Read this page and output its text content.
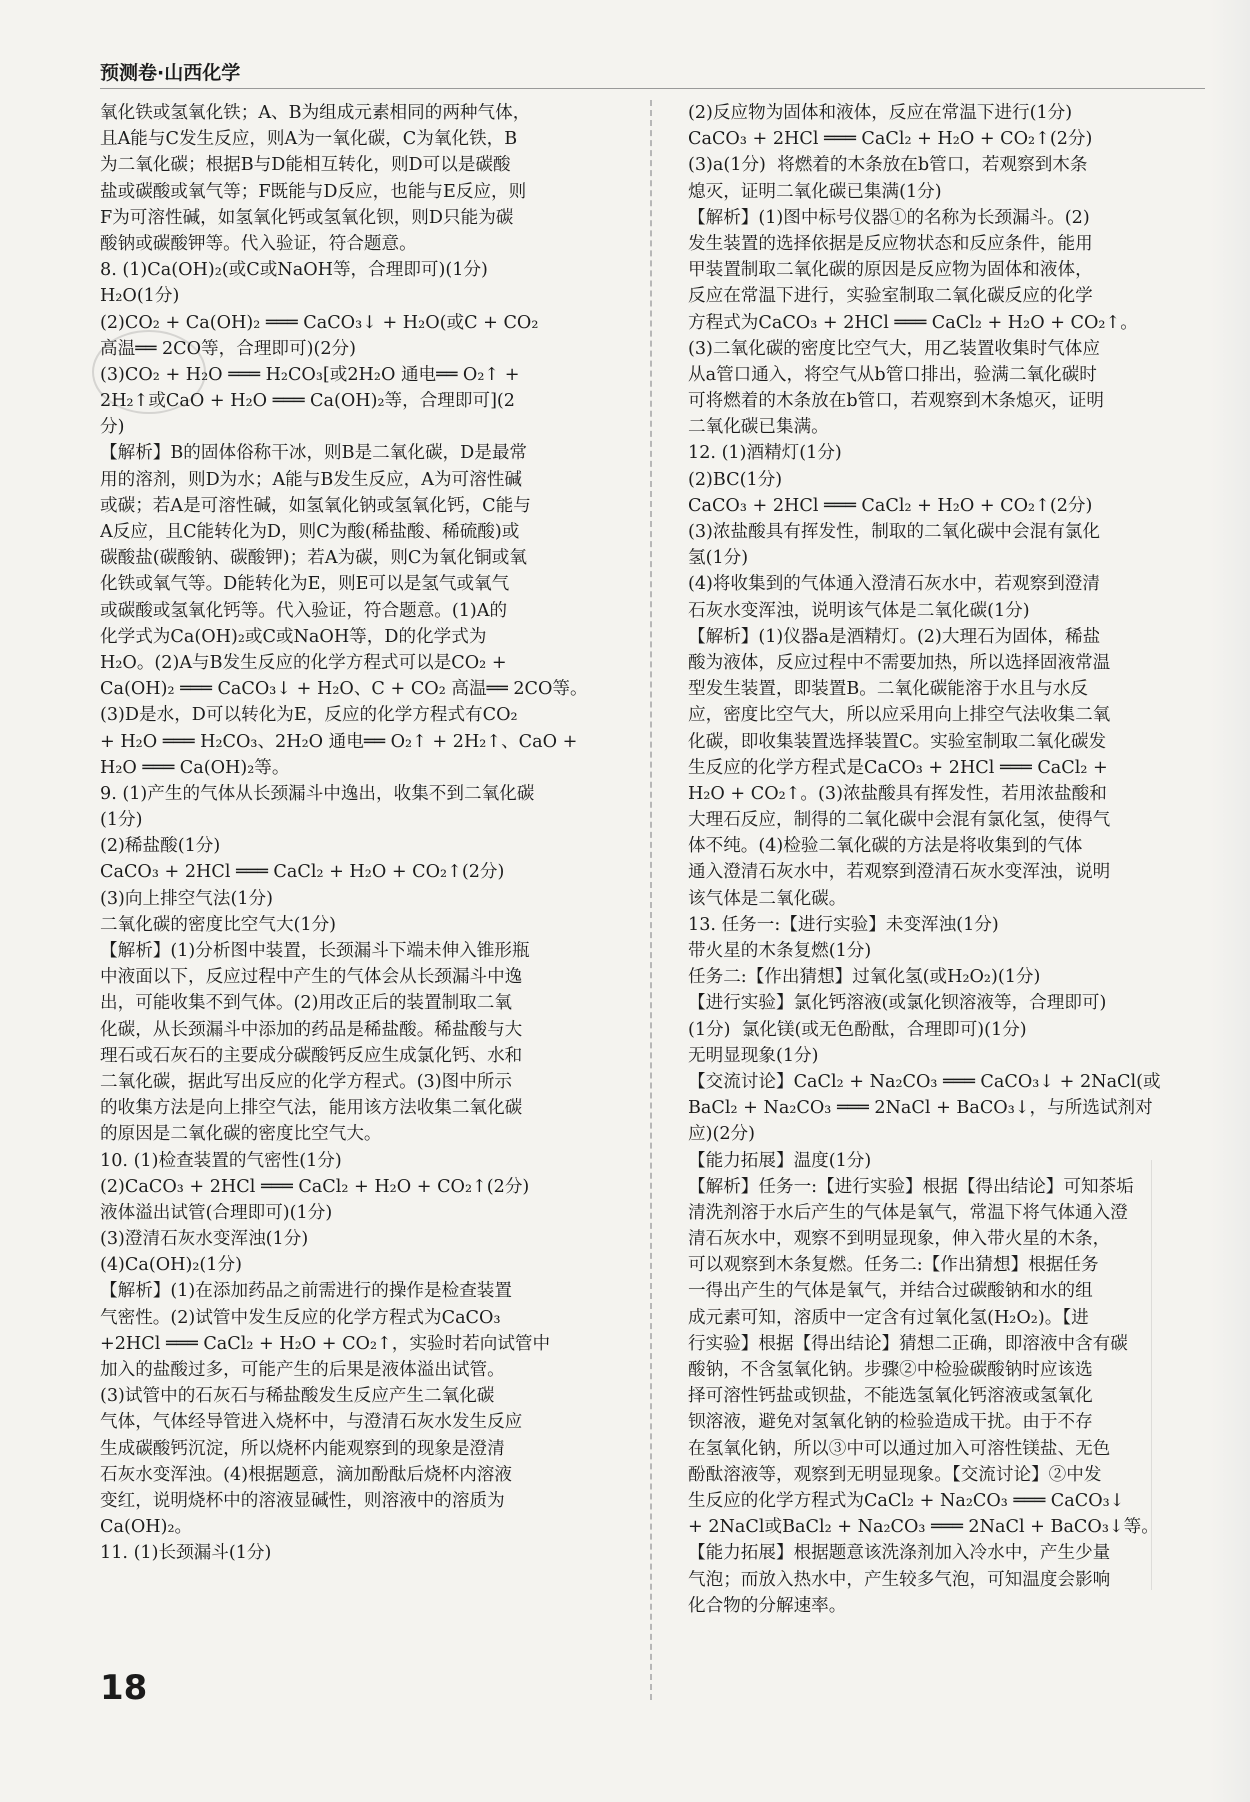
预测卷·山西化学
氧化铁或氢氧化铁；A、B为组成元素相同的两种气体，
且A能与C发生反应，则A为一氧化碳，C为氧化铁，B
为二氧化碳；根据B与D能相互转化，则D可以是碳酸
盐或碳酸或氧气等；F既能与D反应，也能与E反应，则
F为可溶性碱，如氢氧化钙或氢氧化钡，则D只能为碳
酸钠或碳酸钾等。代入验证，符合题意。
8. (1)Ca(OH)₂(或C或NaOH等，合理即可)(1分)
H₂O(1分)
(2)CO₂ + Ca(OH)₂ ═══ CaCO₃↓ + H₂O(或C + CO₂
高温══ 2CO等，合理即可)(2分)
(3)CO₂ + H₂O ═══ H₂CO₃[或2H₂O 通电══ O₂↑ +
2H₂↑或CaO + H₂O ═══ Ca(OH)₂等，合理即可](2
分)
【解析】B的固体俗称干冰，则B是二氧化碳，D是最常
用的溶剂，则D为水；A能与B发生反应，A为可溶性碱
或碳；若A是可溶性碱，如氢氧化钠或氢氧化钙，C能与
A反应，且C能转化为D，则C为酸(稀盐酸、稀硫酸)或
碳酸盐(碳酸钠、碳酸钾)；若A为碳，则C为氧化铜或氧
化铁或氧气等。D能转化为E，则E可以是氢气或氧气
或碳酸或氢氧化钙等。代入验证，符合题意。(1)A的
化学式为Ca(OH)₂或C或NaOH等，D的化学式为
H₂O。(2)A与B发生反应的化学方程式可以是CO₂ +
Ca(OH)₂ ═══ CaCO₃↓ + H₂O、C + CO₂ 高温══ 2CO等。
(3)D是水，D可以转化为E，反应的化学方程式有CO₂
+ H₂O ═══ H₂CO₃、2H₂O 通电══ O₂↑ + 2H₂↑、CaO +
H₂O ═══ Ca(OH)₂等。
9. (1)产生的气体从长颈漏斗中逸出，收集不到二氧化碳
(1分)
(2)稀盐酸(1分)
CaCO₃ + 2HCl ═══ CaCl₂ + H₂O + CO₂↑(2分)
(3)向上排空气法(1分)
二氧化碳的密度比空气大(1分)
【解析】(1)分析图中装置，长颈漏斗下端未伸入锥形瓶
中液面以下，反应过程中产生的气体会从长颈漏斗中逸
出，可能收集不到气体。(2)用改正后的装置制取二氧
化碳，从长颈漏斗中添加的药品是稀盐酸。稀盐酸与大
理石或石灰石的主要成分碳酸钙反应生成氯化钙、水和
二氧化碳，据此写出反应的化学方程式。(3)图中所示
的收集方法是向上排空气法，能用该方法收集二氧化碳
的原因是二氧化碳的密度比空气大。
10. (1)检查装置的气密性(1分)
(2)CaCO₃ + 2HCl ═══ CaCl₂ + H₂O + CO₂↑(2分)
液体溢出试管(合理即可)(1分)
(3)澄清石灰水变浑浊(1分)
(4)Ca(OH)₂(1分)
【解析】(1)在添加药品之前需进行的操作是检查装置
气密性。(2)试管中发生反应的化学方程式为CaCO₃
+2HCl ═══ CaCl₂ + H₂O + CO₂↑，实验时若向试管中
加入的盐酸过多，可能产生的后果是液体溢出试管。
(3)试管中的石灰石与稀盐酸发生反应产生二氧化碳
气体，气体经导管进入烧杯中，与澄清石灰水发生反应
生成碳酸钙沉淀，所以烧杯内能观察到的现象是澄清
石灰水变浑浊。(4)根据题意，滴加酚酞后烧杯内溶液
变红，说明烧杯中的溶液显碱性，则溶液中的溶质为
Ca(OH)₂。
11. (1)长颈漏斗(1分)
(2)反应物为固体和液体，反应在常温下进行(1分)
CaCO₃ + 2HCl ═══ CaCl₂ + H₂O + CO₂↑(2分)
(3)a(1分)  将燃着的木条放在b管口，若观察到木条
熄灭，证明二氧化碳已集满(1分)
【解析】(1)图中标号仪器①的名称为长颈漏斗。(2)
发生装置的选择依据是反应物状态和反应条件，能用
甲装置制取二氧化碳的原因是反应物为固体和液体，
反应在常温下进行，实验室制取二氧化碳反应的化学
方程式为CaCO₃ + 2HCl ═══ CaCl₂ + H₂O + CO₂↑。
(3)二氧化碳的密度比空气大，用乙装置收集时气体应
从a管口通入，将空气从b管口排出，验满二氧化碳时
可将燃着的木条放在b管口，若观察到木条熄灭，证明
二氧化碳已集满。
12. (1)酒精灯(1分)
(2)BC(1分)
CaCO₃ + 2HCl ═══ CaCl₂ + H₂O + CO₂↑(2分)
(3)浓盐酸具有挥发性，制取的二氧化碳中会混有氯化
氢(1分)
(4)将收集到的气体通入澄清石灰水中，若观察到澄清
石灰水变浑浊，说明该气体是二氧化碳(1分)
【解析】(1)仪器a是酒精灯。(2)大理石为固体，稀盐
酸为液体，反应过程中不需要加热，所以选择固液常温
型发生装置，即装置B。二氧化碳能溶于水且与水反
应，密度比空气大，所以应采用向上排空气法收集二氧
化碳，即收集装置选择装置C。实验室制取二氧化碳发
生反应的化学方程式是CaCO₃ + 2HCl ═══ CaCl₂ +
H₂O + CO₂↑。(3)浓盐酸具有挥发性，若用浓盐酸和
大理石反应，制得的二氧化碳中会混有氯化氢，使得气
体不纯。(4)检验二氧化碳的方法是将收集到的气体
通入澄清石灰水中，若观察到澄清石灰水变浑浊，说明
该气体是二氧化碳。
13. 任务一:【进行实验】未变浑浊(1分)
带火星的木条复燃(1分)
任务二:【作出猜想】过氧化氢(或H₂O₂)(1分)
【进行实验】氯化钙溶液(或氯化钡溶液等，合理即可)
(1分)  氯化镁(或无色酚酞，合理即可)(1分)
无明显现象(1分)
【交流讨论】CaCl₂ + Na₂CO₃ ═══ CaCO₃↓ + 2NaCl(或
BaCl₂ + Na₂CO₃ ═══ 2NaCl + BaCO₃↓，与所选试剂对
应)(2分)
【能力拓展】温度(1分)
【解析】任务一:【进行实验】根据【得出结论】可知茶垢
清洗剂溶于水后产生的气体是氧气，常温下将气体通入澄
清石灰水中，观察不到明显现象，伸入带火星的木条，
可以观察到木条复燃。任务二:【作出猜想】根据任务
一得出产生的气体是氧气，并结合过碳酸钠和水的组
成元素可知，溶质中一定含有过氧化氢(H₂O₂)。【进
行实验】根据【得出结论】猜想二正确，即溶液中含有碳
酸钠，不含氢氧化钠。步骤②中检验碳酸钠时应该选
择可溶性钙盐或钡盐，不能选氢氧化钙溶液或氢氧化
钡溶液，避免对氢氧化钠的检验造成干扰。由于不存
在氢氧化钠，所以③中可以通过加入可溶性镁盐、无色
酚酞溶液等，观察到无明显现象。【交流讨论】②中发
生反应的化学方程式为CaCl₂ + Na₂CO₃ ═══ CaCO₃↓
+ 2NaCl或BaCl₂ + Na₂CO₃ ═══ 2NaCl + BaCO₃↓等。
【能力拓展】根据题意该洗涤剂加入冷水中，产生少量
气泡；而放入热水中，产生较多气泡，可知温度会影响
化合物的分解速率。
18
